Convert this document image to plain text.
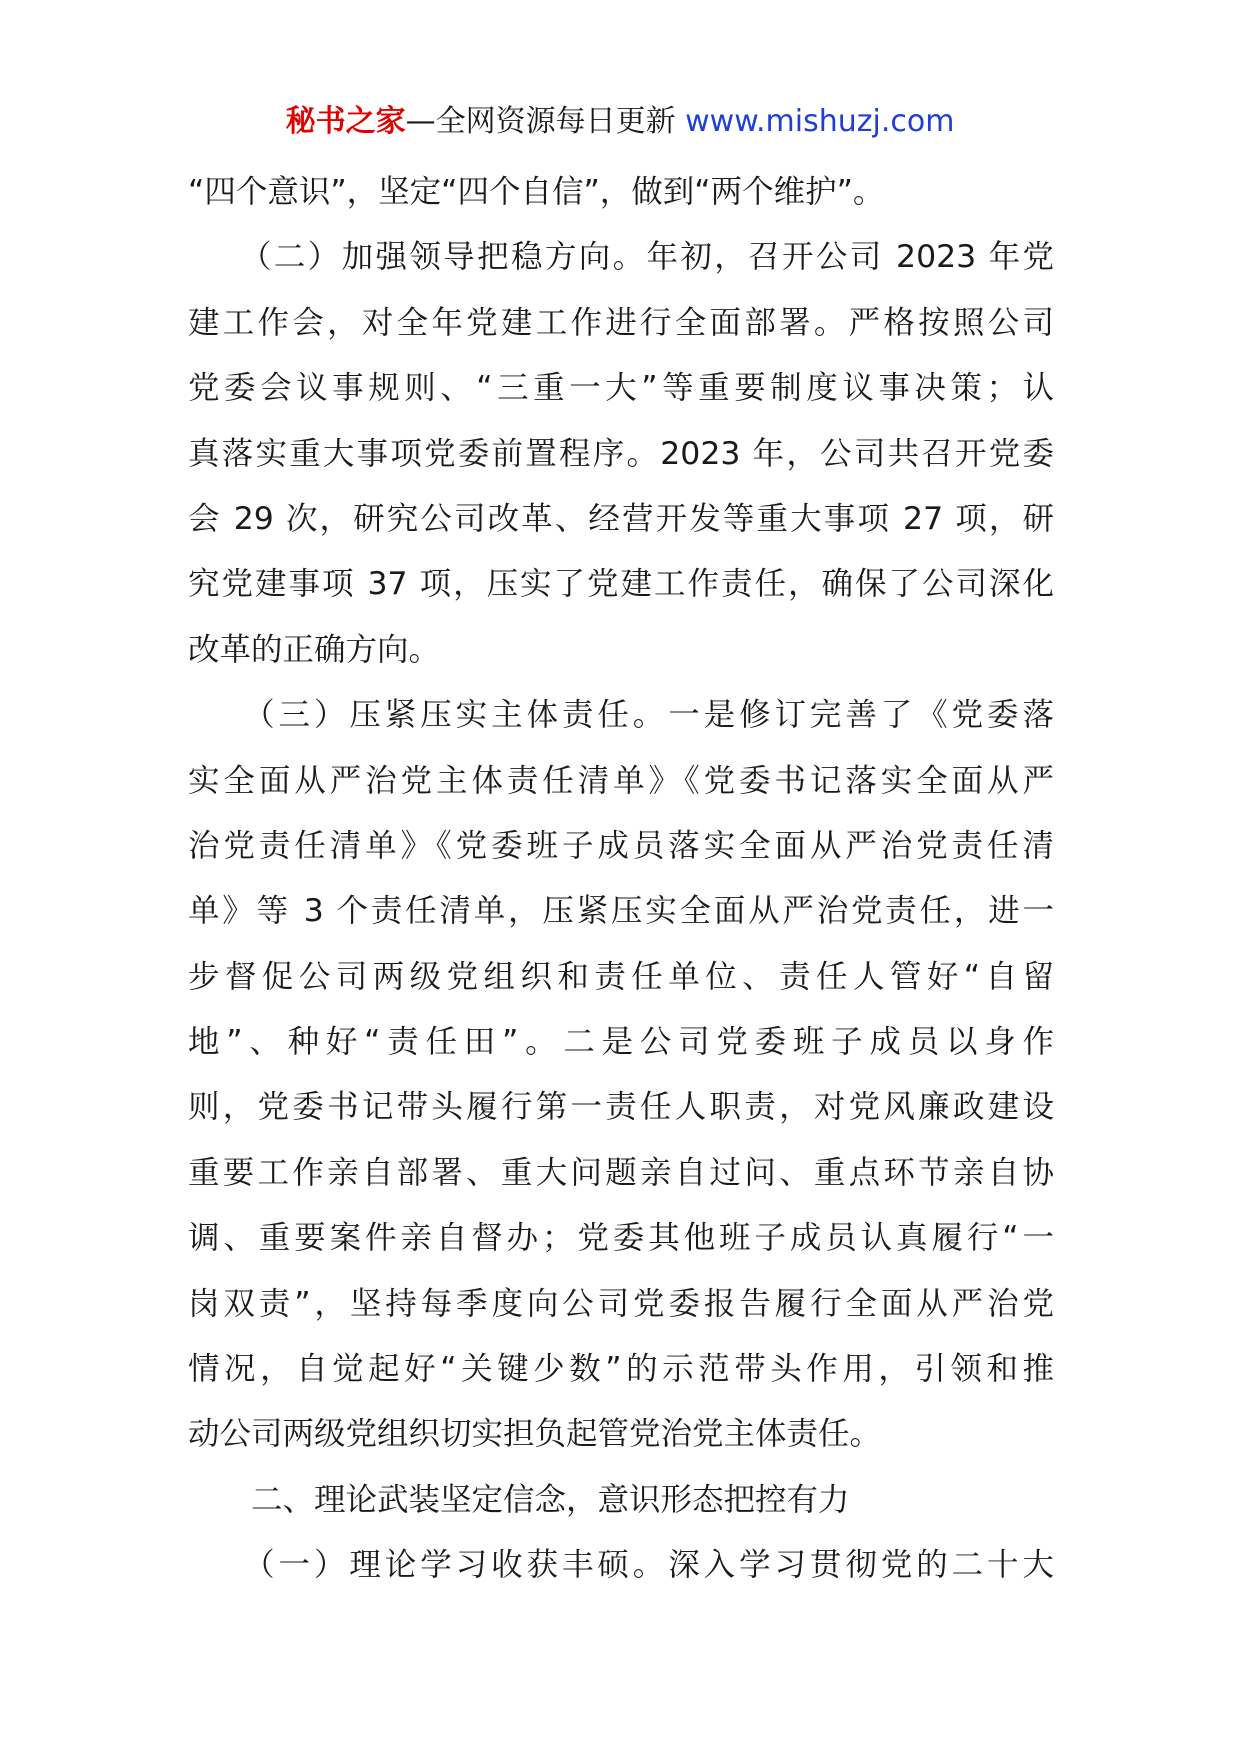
秘书之家—全网资源每日更新 www.mishuzj.com
“四个意识”，坚定“四个自信”，做到“两个维护”。
　　（二）加强领导把稳方向。年初，召开公司 2023 年党
建工作会，对全年党建工作进行全面部署。严格按照公司
党委会议事规则、“三重一大”等重要制度议事决策；认
真落实重大事项党委前置程序。2023 年，公司共召开党委
会 29 次，研究公司改革、经营开发等重大事项 27 项，研
究党建事项 37 项，压实了党建工作责任，确保了公司深化
改革的正确方向。
　　（三）压紧压实主体责任。一是修订完善了《党委落
实全面从严治党主体责任清单》《党委书记落实全面从严
治党责任清单》《党委班子成员落实全面从严治党责任清
单》等 3 个责任清单，压紧压实全面从严治党责任，进一
步督促公司两级党组织和责任单位、责任人管好“自留
地”、种好“责任田”。二是公司党委班子成员以身作
则，党委书记带头履行第一责任人职责，对党风廉政建设
重要工作亲自部署、重大问题亲自过问、重点环节亲自协
调、重要案件亲自督办；党委其他班子成员认真履行“一
岗双责”，坚持每季度向公司党委报告履行全面从严治党
情况，自觉起好“关键少数”的示范带头作用，引领和推
动公司两级党组织切实担负起管党治党主体责任。
　　二、理论武装坚定信念，意识形态把控有力
　　（一）理论学习收获丰硕。深入学习贯彻党的二十大
